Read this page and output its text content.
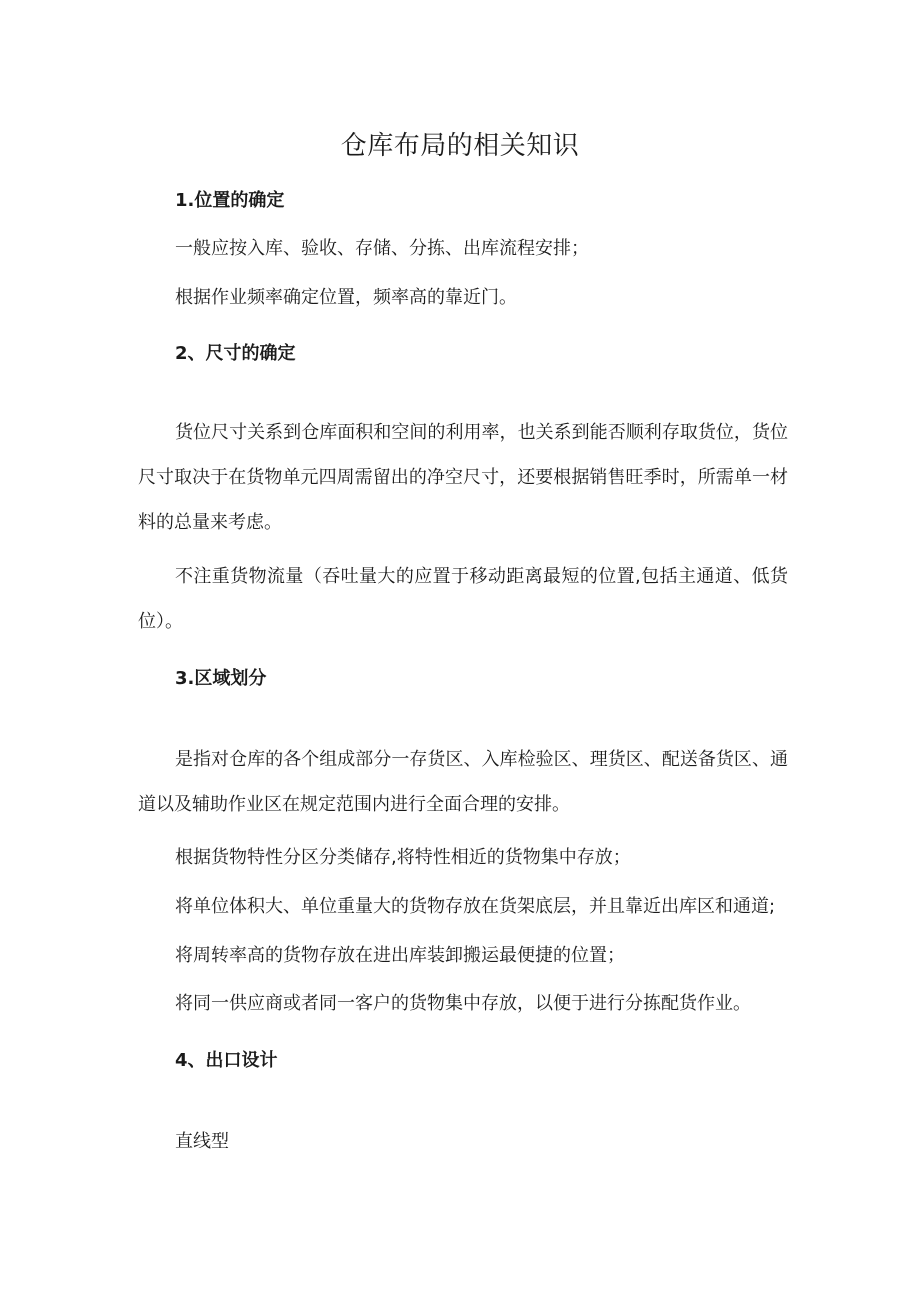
仓库布局的相关知识
1.位置的确定

一般应按入库、验收、存储、分拣、出库流程安排；

根据作业频率确定位置，频率高的靠近门。

2、尺寸的确定

货位尺寸关系到仓库面积和空间的利用率，也关系到能否顺利存取货位，货位尺寸取决于在货物单元四周需留出的净空尺寸，还要根据销售旺季时，所需单一材料的总量来考虑。

不注重货物流量（吞吐量大的应置于移动距离最短的位置,包括主通道、低货位）。

3.区域划分

是指对仓库的各个组成部分一存货区、入库检验区、理货区、配送备货区、通道以及辅助作业区在规定范围内进行全面合理的安排。

根据货物特性分区分类储存,将特性相近的货物集中存放；

将单位体积大、单位重量大的货物存放在货架底层，并且靠近出库区和通道;

将周转率高的货物存放在进出库装卸搬运最便捷的位置；

将同一供应商或者同一客户的货物集中存放，以便于进行分拣配货作业。

4、出口设计

直线型
